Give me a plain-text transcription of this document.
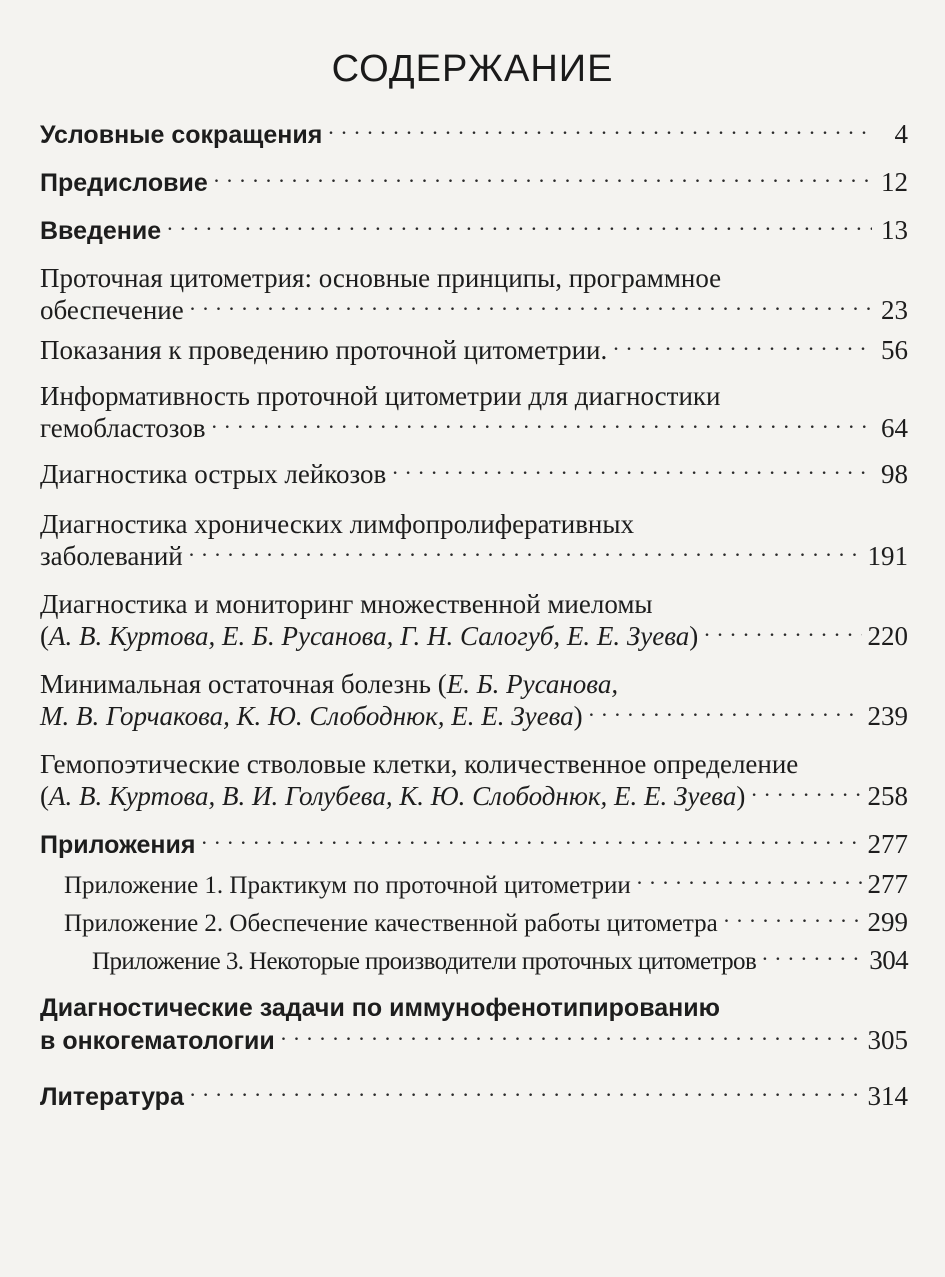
СОДЕРЖАНИЕ
Условные сокращения . . .	4
Предисловие . . .	12
Введение . . .	13
Проточная цитометрия: основные принципы, программное
обеспечение . . .	23
Показания к проведению проточной цитометрии. . . .	56
Информативность проточной цитометрии для диагностики
гемобластозов . . .	64
Диагностика острых лейкозов . . .	98
Диагностика хронических лимфопролиферативных
заболеваний . . .	191
Диагностика и мониторинг множественной миеломы
(А. В. Куртова, Е. Б. Русанова, Г. Н. Салогуб, Е. Е. Зуева) . . .	220
Минимальная остаточная болезнь (Е. Б. Русанова,
М. В. Горчакова, К. Ю. Слободнюк, Е. Е. Зуева) . . .	239
Гемопоэтические стволовые клетки, количественное определение
(А. В. Куртова, В. И. Голубева, К. Ю. Слободнюк, Е. Е. Зуева) . . .	258
Приложения . . .	277
Приложение 1. Практикум по проточной цитометрии . . .	277
Приложение 2. Обеспечение качественной работы цитометра . . .	299
Приложение 3. Некоторые производители проточных цитометров . . .	304
Диагностические задачи по иммунофенотипированию
в онкогематологии . . .	305
Литература . . .	314
